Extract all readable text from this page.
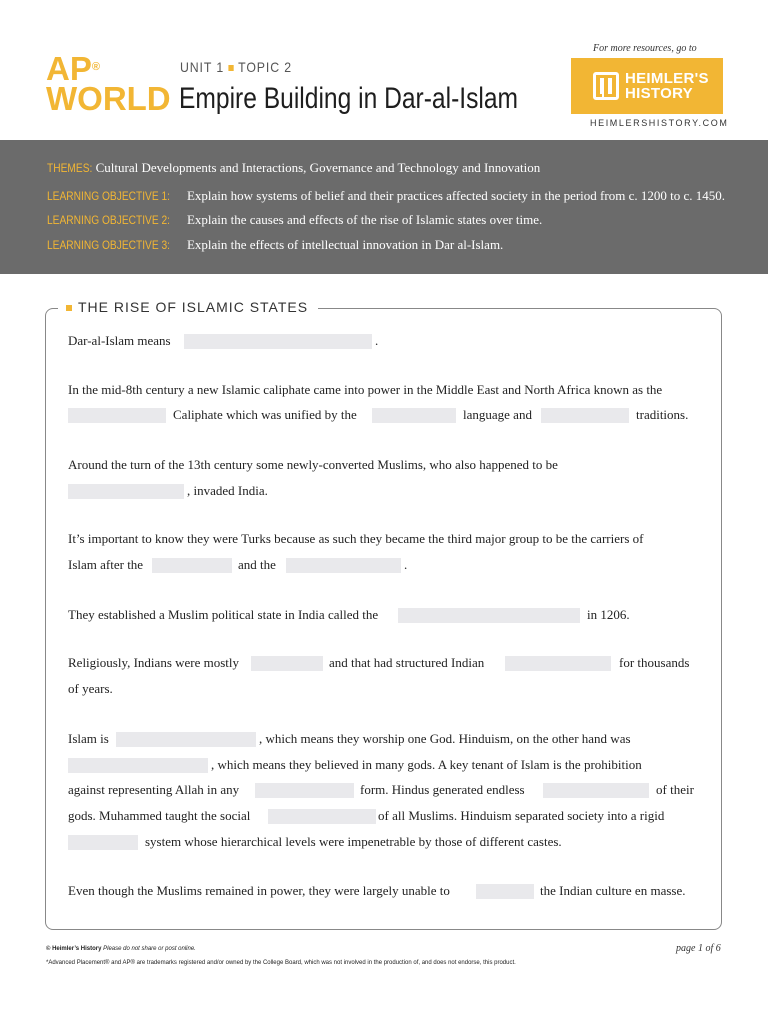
AP®
WORLD
UNIT 1 TOPIC 2
Empire Building in Dar-al-Islam
For more resources, go to
HEIMLER'S
HISTORY
HEIMLERSHISTORY.COM
THEMES: Cultural Developments and Interactions, Governance and Technology and Innovation
LEARNING OBJECTIVE 1: Explain how systems of belief and their practices affected society in the period from c. 1200 to c. 1450.
LEARNING OBJECTIVE 2: Explain the causes and effects of the rise of Islamic states over time.
LEARNING OBJECTIVE 3: Explain the effects of intellectual innovation in Dar al-Islam.
THE RISE OF ISLAMIC STATES
Dar-al-Islam means	.
In the mid-8th century a new Islamic caliphate came into power in the Middle East and North Africa known as the
Caliphate which was unified by the	language and	traditions.
Around the turn of the 13th century some newly-converted Muslims, who also happened to be
, invaded India.
It’s important to know they were Turks because as such they became the third major group to be the carriers of
Islam after the	and the	.
They established a Muslim political state in India called the	in 1206.
Religiously, Indians were mostly	and that had structured Indian	for thousands
of years.
Islam is	, which means they worship one God. Hinduism, on the other hand was
, which means they believed in many gods. A key tenant of Islam is the prohibition
against representing Allah in any	form. Hindus generated endless	of their
gods. Muhammed taught the social	of all Muslims. Hinduism separated society into a rigid
system whose hierarchical levels were impenetrable by those of different castes.
Even though the Muslims remained in power, they were largely unable to	the Indian culture en masse.
© Heimler’s History Please do not share or post online.
*Advanced Placement® and AP® are trademarks registered and/or owned by the College Board, which was not involved in the production of, and does not endorse, this product.
page 1 of 6
